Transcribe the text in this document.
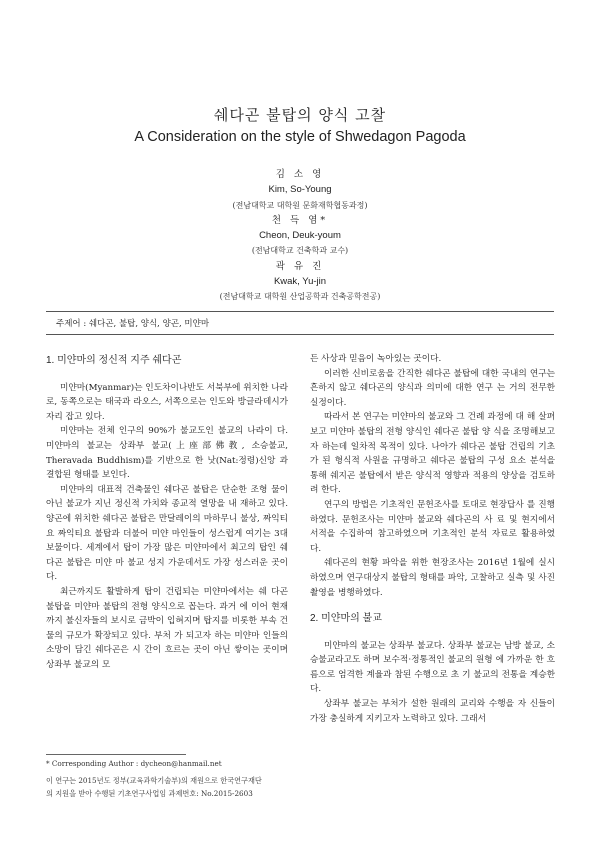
쉐다곤 불탑의 양식 고찰
A Consideration on the style of Shwedagon Pagoda
김 소 영
Kim, So-Young
(전남대학교 대학원 문화재학협동과정)
천 득 염*
Cheon, Deuk-youm
(전남대학교 건축학과 교수)
곽 유 진
Kwak, Yu-jin
(전남대학교 대학원 산업공학과 건축공학전공)
주제어 : 쉐다곤, 불탑, 양식, 양곤, 미얀마
1. 미얀마의 정신적 지주 쉐다곤

미얀마(Myanmar)는 인도차이나반도 서북부에 위치한 나라로, 동쪽으로는 태국과 라오스, 서쪽으로는 인도와 방글라데시가 자리 잡고 있다.

미얀마는 전체 인구의 90%가 불교도인 불교의 나라이 다. 미얀마의 불교는 상좌부 불교(上座部佛教, 소승불교, Theravada Buddhism)를 기반으로 한 낫(Nat:정령)신앙 과 결합된 형태를 보인다.

미얀마의 대표적 건축물인 쉐다곤 불탑은 단순한 조형 물이 아닌 불교가 지닌 정신적 가치와 종교적 열망을 내 재하고 있다. 양곤에 위치한 쉐다곤 불탑은 만달레이의 마하무니 불상, 짜익티요 짜익티요 불탑과 더불어 미얀 마인들이 성스럽게 여기는 3대 보물이다. 세계에서 탑이 가장 많은 미얀마에서 최고의 탑인 쉐다곤 불탑은 미얀 마 불교 성지 가운데서도 가장 성스러운 곳이다.

최근까지도 활발하게 탑이 건립되는 미얀마에서는 쉐 다곤 불탑을 미얀마 불탑의 전형 양식으로 꼽는다. 과거 에 이어 현재까지 불신자들의 보시로 금박이 입혀지며 탑지를 비롯한 부속 건물의 규모가 확장되고 있다. 부처 가 되고자 하는 미얀마 인들의 소망이 담긴 쉐다곤은 시 간이 흐르는 곳이 아닌 쌓이는 곳이며 상좌부 불교의 모

든 사상과 믿음이 녹아있는 곳이다.

이러한 신비로움을 간직한 쉐다곤 불탑에 대한 국내의 연구는 흔하지 않고 쉐다곤의 양식과 의미에 대한 연구 는 거의 전무한 실정이다.

따라서 본 연구는 미얀마의 불교와 그 건례 과정에 대 해 살펴보고 미얀마 불탑의 전형 양식인 쉐다곤 불탑 양 식을 조명해보고자 하는데 일차적 목적이 있다. 나아가 쉐다곤 불탑 건립의 기초가 된 형식적 사원을 규명하고 쉐다곤 불탑의 구성 요소 분석을 통해 쉐지곤 불탑에서 받은 양식적 영향과 적용의 양상을 검토하려 한다.

연구의 방법은 기초적인 문헌조사를 토대로 현장답사 를 진행하였다. 문헌조사는 미얀마 불교와 쉐다곤의 사 료 및 현지에서 서적을 수집하여 참고하였으며 기초적인 분석 자료로 활용하였다.

쉐다곤의 현황 파악을 위한 현장조사는 2016년 1월에 실시하였으며 연구대상지 불탑의 형태를 파악, 고찰하고 실측 및 사진촬영을 병행하였다.

2. 미얀마의 불교

미얀마의 불교는 상좌부 불교다. 상좌부 불교는 남방 불교, 소승불교라고도 하며 보수적·정통적인 불교의 원형 에 가까운 한 흐름으로 엄격한 계율과 참된 수행으로 초 기 불교의 전통을 계승한다.

상좌부 불교는 부처가 설한 원래의 교리와 수행을 자 신들이 가장 충실하게 지키고자 노력하고 있다. 그래서

* Corresponding Author : dycheon@hanmail.net
이 연구는 2015년도 정부(교육과학기술부)의 재원으로 한국연구재단
의 지원을 받아 수행된 기초연구사업임 과제번호: No.2015-2603
